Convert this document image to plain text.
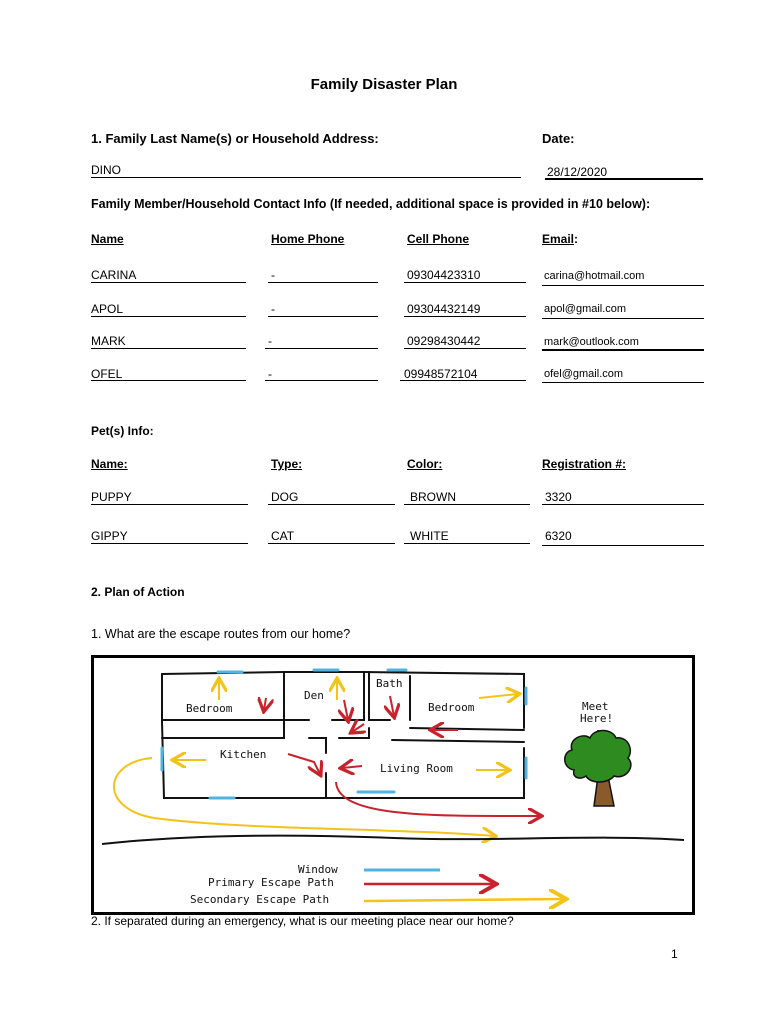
Family Disaster Plan
1. Family Last Name(s) or Household Address:	Date:
DINO	28/12/2020
Family Member/Household Contact Info (If needed, additional space is provided in #10 below):
Name	Home Phone	Cell Phone	Email:
CARINA	-	09304423310	carina@hotmail.com
APOL	-	09304432149	apol@gmail.com
MARK	-	09298430442	mark@outlook.com
OFEL	-	09948572104	ofel@gmail.com
Pet(s) Info:
Name:	Type:	Color:	Registration #:
PUPPY	DOG	BROWN	3320
GIPPY	CAT	WHITE	6320
2. Plan of Action
1. What are the escape routes from our home?
Bedroom
Den
Bath
Bedroom
Kitchen
Living Room
Meet
Here!
Window
Primary Escape Path
Secondary Escape Path
2. If separated during an emergency, what is our meeting place near our home?
1
